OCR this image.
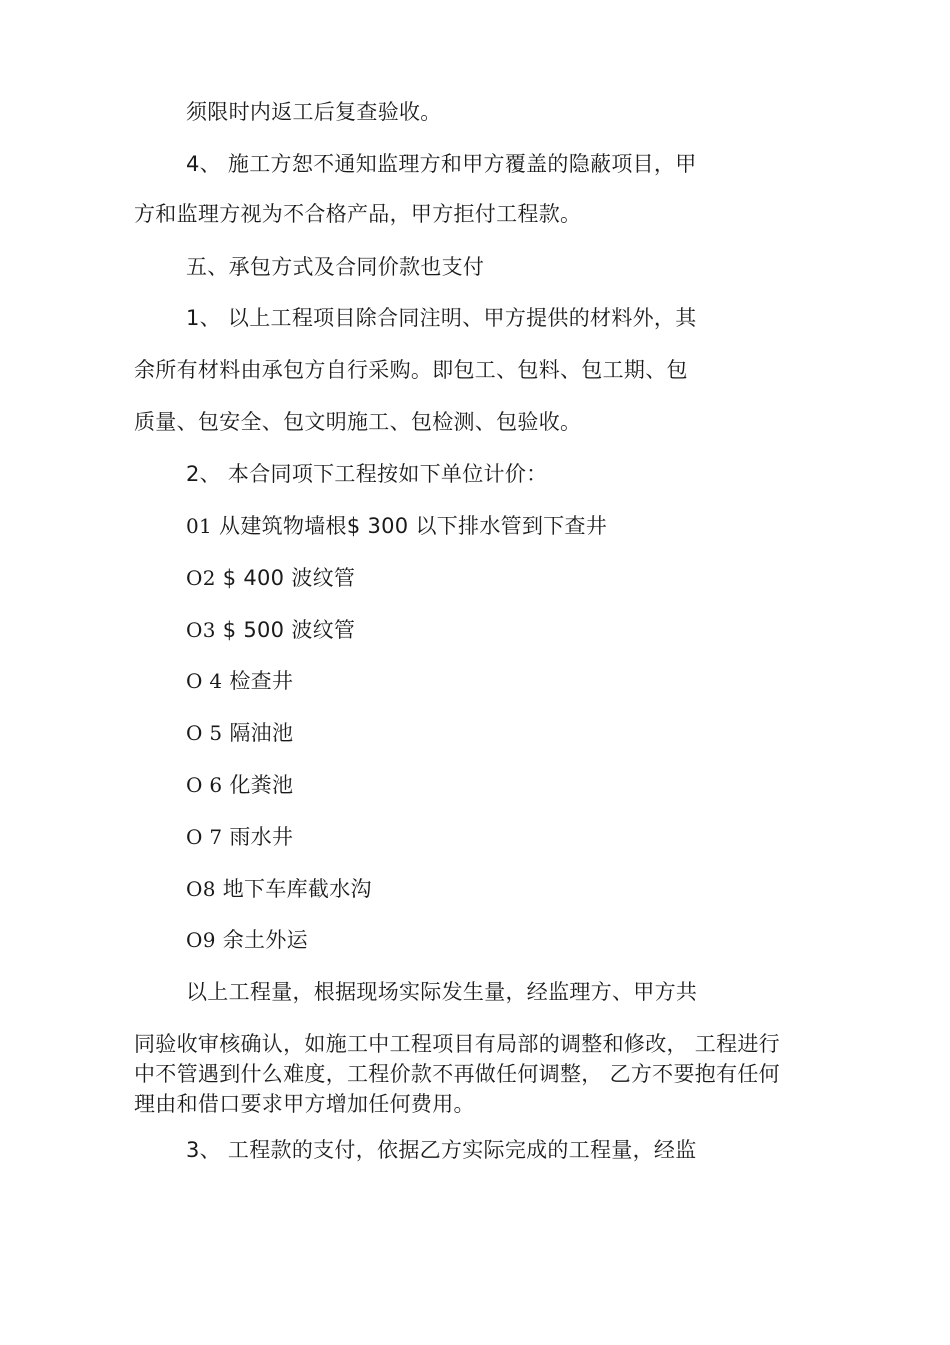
须限时内返工后复查验收。
4、 施工方恕不通知监理方和甲方覆盖的隐蔽项目，甲
方和监理方视为不合格产品，甲方拒付工程款。
五、承包方式及合同价款也支付
1、 以上工程项目除合同注明、甲方提供的材料外，其
余所有材料由承包方自行采购。即包工、包料、包工期、包
质量、包安全、包文明施工、包检测、包验收。
2、 本合同项下工程按如下单位计价：
01 从建筑物墙根$ 300 以下排水管到下查井
O2 $ 400 波纹管
O3 $ 500 波纹管
O 4 检查井
O 5 隔油池
O 6 化粪池
O 7 雨水井
O8 地下车库截水沟
O9 余土外运
以上工程量，根据现场实际发生量，经监理方、甲方共
同验收审核确认，如施工中工程项目有局部的调整和修改， 工程进行
中不管遇到什么难度，工程价款不再做任何调整， 乙方不要抱有任何
理由和借口要求甲方增加任何费用。
3、 工程款的支付，依据乙方实际完成的工程量，经监
